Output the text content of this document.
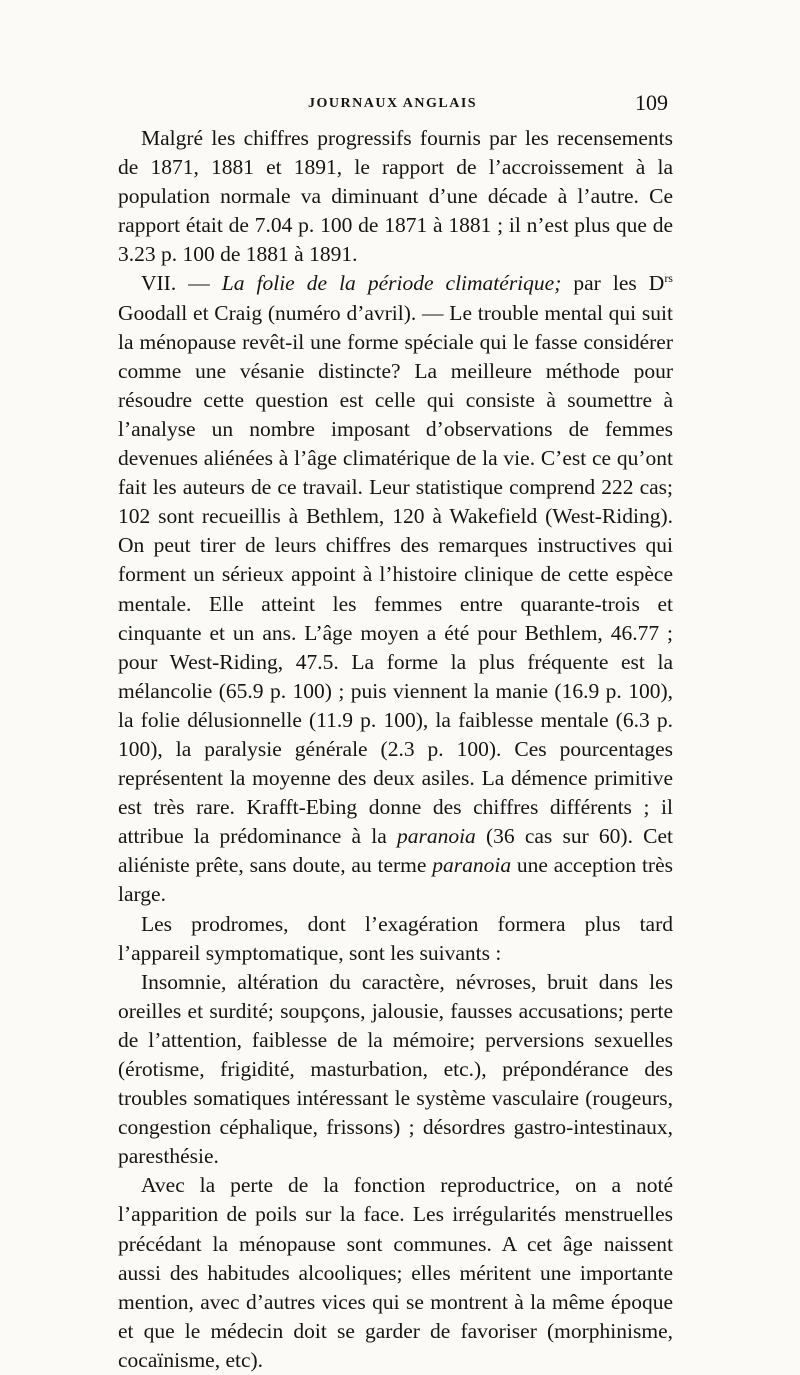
JOURNAUX ANGLAIS	109

Malgré les chiffres progressifs fournis par les recensements de 1871, 1881 et 1891, le rapport de l’accroissement à la population normale va diminuant d’une décade à l’autre. Ce rapport était de 7.04 p. 100 de 1871 à 1881 ; il n’est plus que de 3.23 p. 100 de 1881 à 1891.

VII. — La folie de la période climatérique; par les $D^{rs}$ Goodall et Craig (numéro d’avril). — Le trouble mental qui suit la ménopause revêt-il une forme spéciale qui le fasse considérer comme une vésanie distincte? La meilleure méthode pour résoudre cette question est celle qui consiste à soumettre à l’analyse un nombre imposant d’observations de femmes devenues aliénées à l’âge climatérique de la vie. C’est ce qu’ont fait les auteurs de ce travail. Leur statistique comprend 222 cas; 102 sont recueillis à Bethlem, 120 à Wakefield (West-Riding). On peut tirer de leurs chiffres des remarques instructives qui forment un sérieux appoint à l’histoire clinique de cette espèce mentale. Elle atteint les femmes entre quarante-trois et cinquante et un ans. L’âge moyen a été pour Bethlem, 46.77 ; pour West-Riding, 47.5. La forme la plus fréquente est la mélancolie (65.9 p. 100) ; puis viennent la manie (16.9 p. 100), la folie délusionnelle (11.9 p. 100), la faiblesse mentale (6.3 p. 100), la paralysie générale (2.3 p. 100). Ces pourcentages représentent la moyenne des deux asiles. La démence primitive est très rare. Krafft-Ebing donne des chiffres différents ; il attribue la prédominance à la paranoia (36 cas sur 60). Cet aliéniste prête, sans doute, au terme paranoia une acception très large.

Les prodromes, dont l’exagération formera plus tard l’appareil symptomatique, sont les suivants :

Insomnie, altération du caractère, névroses, bruit dans les oreilles et surdité; soupçons, jalousie, fausses accusations; perte de l’attention, faiblesse de la mémoire; perversions sexuelles (érotisme, frigidité, masturbation, etc.), prépondérance des troubles somatiques intéressant le système vasculaire (rougeurs, congestion céphalique, frissons) ; désordres gastro-intestinaux, paresthésie.

Avec la perte de la fonction reproductrice, on a noté l’apparition de poils sur la face. Les irrégularités menstruelles précédant la ménopause sont communes. A cet âge naissent aussi des habitudes alcooliques; elles méritent une importante mention, avec d’autres vices qui se montrent à la même époque et que le médecin doit se garder de favoriser (morphinisme, cocaïnisme, etc).
